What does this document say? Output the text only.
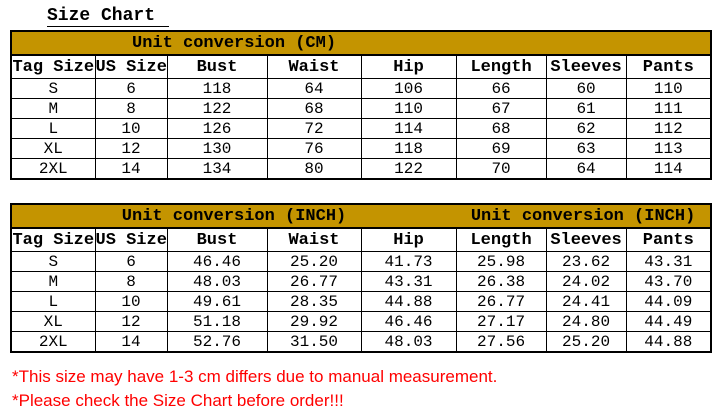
Size Chart
Unit conversion (CM)							
Tag Size	US Size	Bust	Waist	Hip	Length	Sleeves	Pants
S	6	118	64	106	66	60	110
M	8	122	68	110	67	61	111
L	10	126	72	114	68	62	112
XL	12	130	76	118	69	63	113
2XL	14	134	80	122	70	64	114
Unit conversion (INCH)					Unit conversion (INCH)		
Tag Size	US Size	Bust	Waist	Hip	Length	Sleeves	Pants
S	6	46.46	25.20	41.73	25.98	23.62	43.31
M	8	48.03	26.77	43.31	26.38	24.02	43.70
L	10	49.61	28.35	44.88	26.77	24.41	44.09
XL	12	51.18	29.92	46.46	27.17	24.80	44.49
2XL	14	52.76	31.50	48.03	27.56	25.20	44.88

*This size may have 1-3 cm differs due to manual measurement.

*Please check the Size Chart before order!!!
